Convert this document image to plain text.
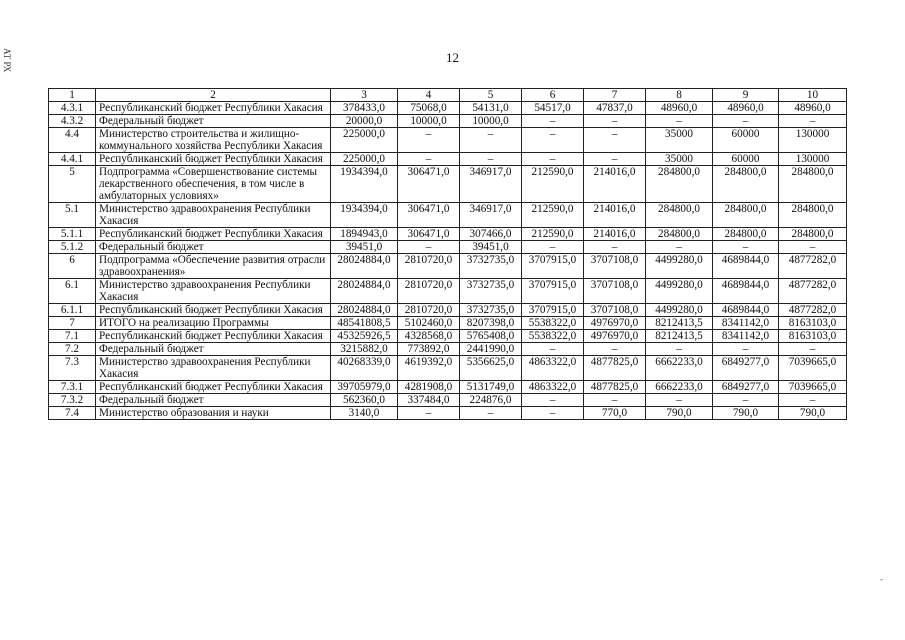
АТ РХ	12
1	2	3	4	5	6	7	8	9	10
4.3.1	Республиканский бюджет Республики Хакасия	378433,0	75068,0	54131,0	54517,0	47837,0	48960,0	48960,0	48960,0
4.3.2	Федеральный бюджет	20000,0	10000,0	10000,0	–	–	–	–	–
4.4	Министерство строительства и жилищно-коммунального хозяйства Республики Хакасия	225000,0	–	–	–	–	35000	60000	130000
4.4.1	Республиканский бюджет Республики Хакасия	225000,0	–	–	–	–	35000	60000	130000
5	Подпрограмма «Совершенствование системы лекарственного обеспечения, в том числе в амбулаторных условиях»	1934394,0	306471,0	346917,0	212590,0	214016,0	284800,0	284800,0	284800,0
5.1	Министерство здравоохранения Республики Хакасия	1934394,0	306471,0	346917,0	212590,0	214016,0	284800,0	284800,0	284800,0
5.1.1	Республиканский бюджет Республики Хакасия	1894943,0	306471,0	307466,0	212590,0	214016,0	284800,0	284800,0	284800,0
5.1.2	Федеральный бюджет	39451,0	–	39451,0	–	–	–	–	–
6	Подпрограмма «Обеспечение развития отрасли здравоохранения»	28024884,0	2810720,0	3732735,0	3707915,0	3707108,0	4499280,0	4689844,0	4877282,0
6.1	Министерство здравоохранения Республики Хакасия	28024884,0	2810720,0	3732735,0	3707915,0	3707108,0	4499280,0	4689844,0	4877282,0
6.1.1	Республиканский бюджет Республики Хакасия	28024884,0	2810720,0	3732735,0	3707915,0	3707108,0	4499280,0	4689844,0	4877282,0
7	ИТОГО на реализацию Программы	48541808,5	5102460,0	8207398,0	5538322,0	4976970,0	8212413,5	8341142,0	8163103,0
7.1	Республиканский бюджет Республики Хакасия	45325926,5	4328568,0	5765408,0	5538322,0	4976970,0	8212413,5	8341142,0	8163103,0
7.2	Федеральный бюджет	3215882,0	773892,0	2441990,0	–	–	–	–	–
7.3	Министерство здравоохранения Республики Хакасия	40268339,0	4619392,0	5356625,0	4863322,0	4877825,0	6662233,0	6849277,0	7039665,0
7.3.1	Республиканский бюджет Республики Хакасия	39705979,0	4281908,0	5131749,0	4863322,0	4877825,0	6662233,0	6849277,0	7039665,0
7.3.2	Федеральный бюджет	562360,0	337484,0	224876,0	–	–	–	–	–
7.4	Министерство образования и науки	3140,0	–	–	–	770,0	790,0	790,0	790,0
-
